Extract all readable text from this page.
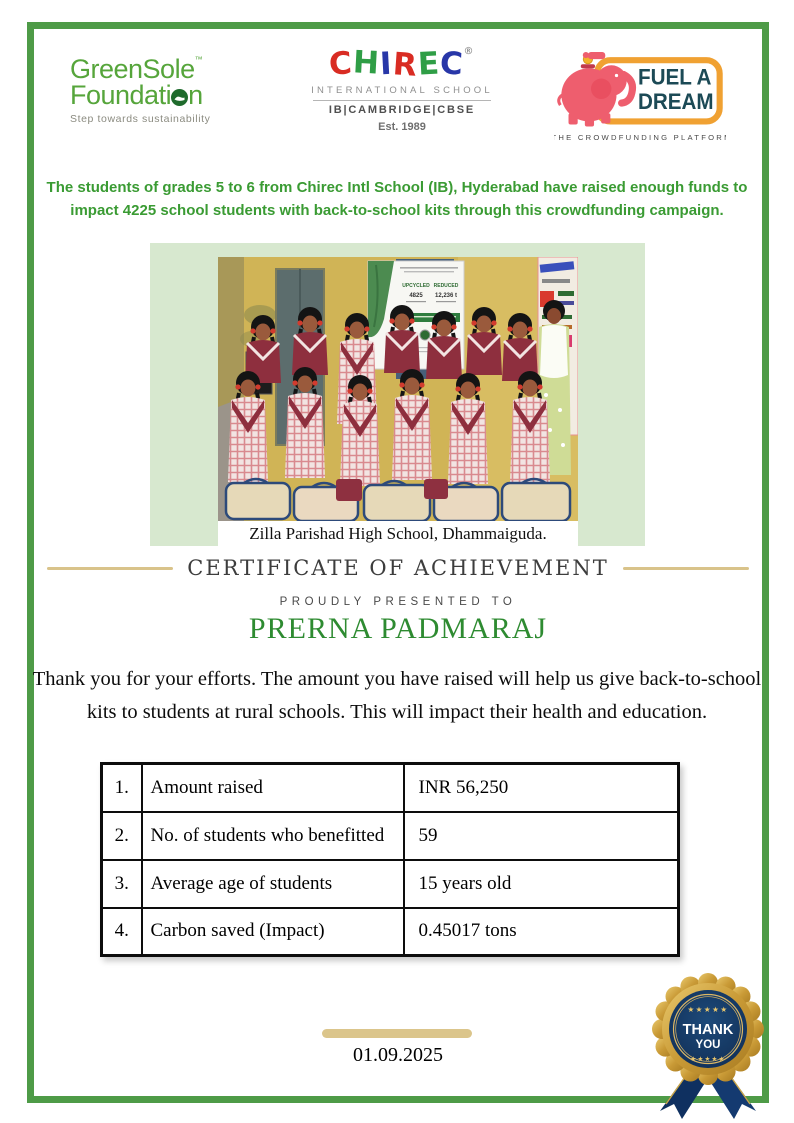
GreenSole™
Foundati n
Step towards sustainability
CHIREC®
INTERNATIONAL SCHOOL
IB|CAMBRIDGE|CBSE
Est. 1989
FUEL A
DREAM
THE CROWDFUNDING PLATFORM
The students of grades 5 to 6 from Chirec Intl School (IB), Hyderabad have raised enough funds to impact 4225 school students with back-to-school kits through this crowdfunding campaign.
UPCYCLED REDUCED
4825 12,236 t
Zilla Parishad High School, Dhammaiguda.
CERTIFICATE OF ACHIEVEMENT
PROUDLY PRESENTED TO
PRERNA PADMARAJ
Thank you for your efforts. The amount you have raised will help us give back-to-school kits to students at rural schools. This will impact their health and education.
1.	Amount raised	INR 56,250
2.	No. of students who benefitted	59
3.	Average age of students	15 years old
4.	Carbon saved (Impact)	0.45017 tons
01.09.2025
★★★★★
THANK
YOU
★★★★★
